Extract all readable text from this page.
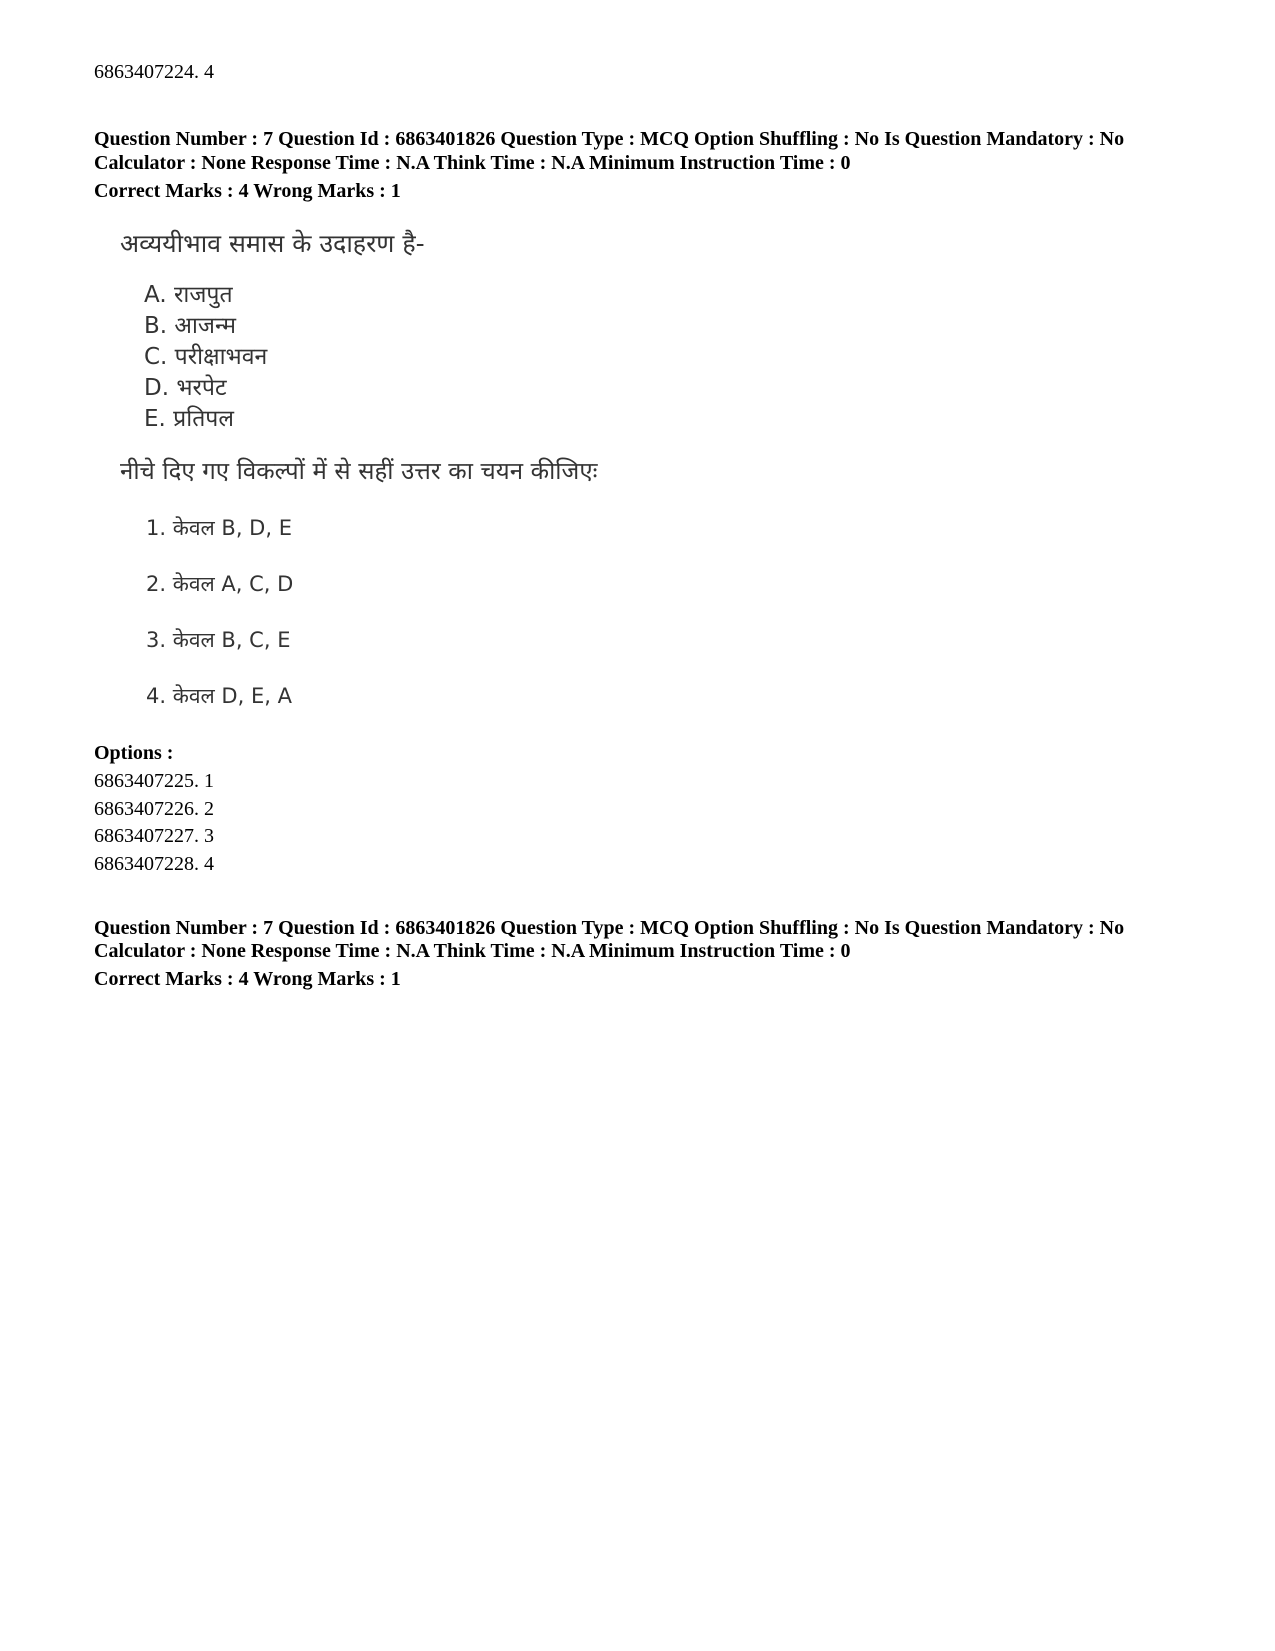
6863407224. 4
Question Number : 7 Question Id : 6863401826 Question Type : MCQ Option Shuffling : No Is Question Mandatory : No
Calculator : None Response Time : N.A Think Time : N.A Minimum Instruction Time : 0
Correct Marks : 4 Wrong Marks : 1
अव्ययीभाव समास के उदाहरण है-
A. राजपुत
B. आजन्म
C. परीक्षाभवन
D. भरपेट
E. प्रतिपल
नीचे दिए गए विकल्पों में से सहीं उत्तर का चयन कीजिएः
1. केवल B, D, E
2. केवल A, C, D
3. केवल B, C, E
4. केवल D, E, A
Options :
6863407225. 1
6863407226. 2
6863407227. 3
6863407228. 4
Question Number : 7 Question Id : 6863401826 Question Type : MCQ Option Shuffling : No Is Question Mandatory : No
Calculator : None Response Time : N.A Think Time : N.A Minimum Instruction Time : 0
Correct Marks : 4 Wrong Marks : 1
